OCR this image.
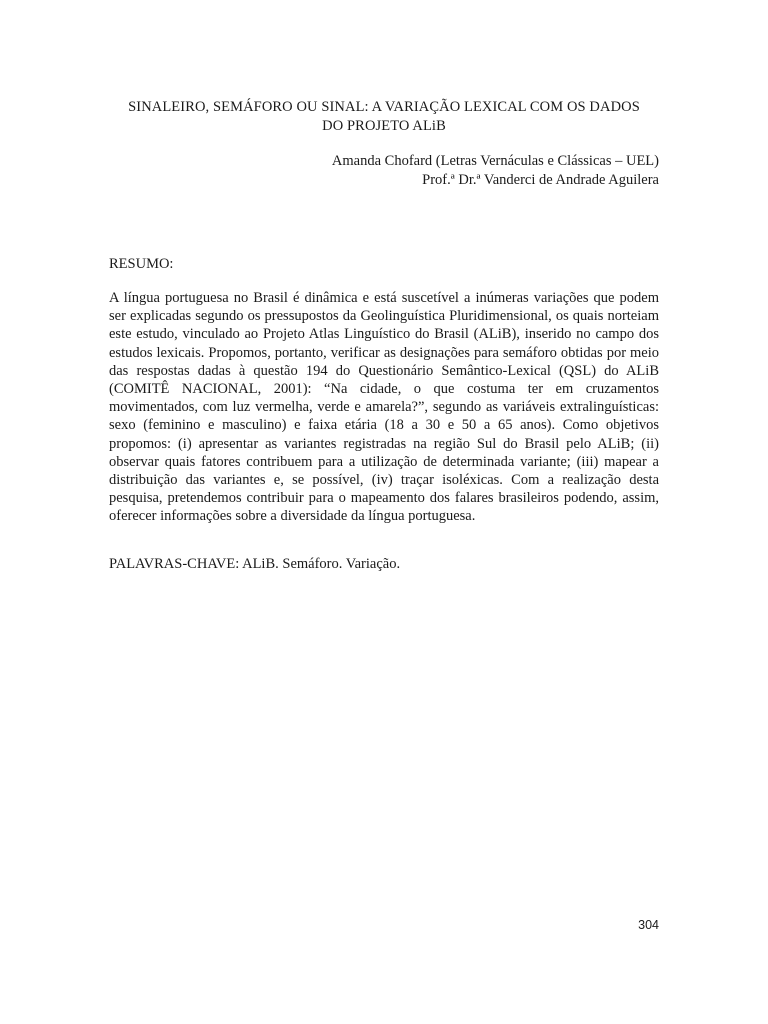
SINALEIRO, SEMÁFORO OU SINAL: A VARIAÇÃO LEXICAL COM OS DADOS
DO PROJETO ALiB
Amanda Chofard (Letras Vernáculas e Clássicas – UEL)
Prof.ª Dr.ª Vanderci de Andrade Aguilera
RESUMO:
A língua portuguesa no Brasil é dinâmica e está suscetível a inúmeras variações que podem ser explicadas segundo os pressupostos da Geolinguística Pluridimensional, os quais norteiam este estudo, vinculado ao Projeto Atlas Linguístico do Brasil (ALiB), inserido no campo dos estudos lexicais. Propomos, portanto, verificar as designações para semáforo obtidas por meio das respostas dadas à questão 194 do Questionário Semântico-Lexical (QSL) do ALiB (COMITÊ NACIONAL, 2001): “Na cidade, o que costuma ter em cruzamentos movimentados, com luz vermelha, verde e amarela?”, segundo as variáveis extralinguísticas: sexo (feminino e masculino) e faixa etária (18 a 30 e 50 a 65 anos). Como objetivos propomos: (i) apresentar as variantes registradas na região Sul do Brasil pelo ALiB; (ii) observar quais fatores contribuem para a utilização de determinada variante; (iii) mapear a distribuição das variantes e, se possível, (iv) traçar isoléxicas. Com a realização desta pesquisa, pretendemos contribuir para o mapeamento dos falares brasileiros podendo, assim, oferecer informações sobre a diversidade da língua portuguesa.
PALAVRAS-CHAVE: ALiB. Semáforo. Variação.
304
